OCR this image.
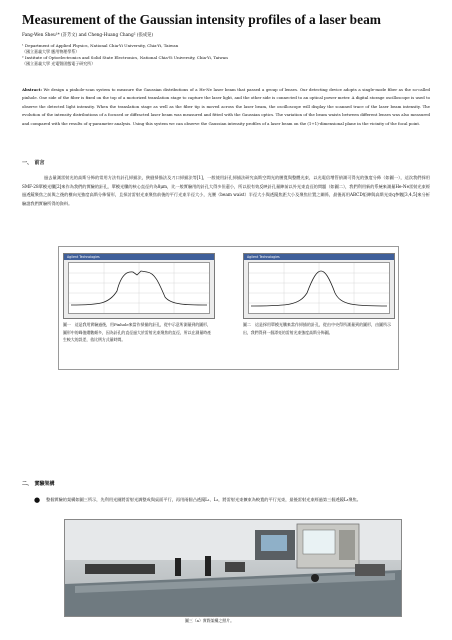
Measurement of the Gaussian intensity profiles of a laser beam
Fang-Wen Sheu¹* (許芳文) and Cheng-Huang Chang² (張成晃)
¹ Department of Applied Physics, National Chia-Yi University, Chia-Yi, Taiwan
（國立嘉義大學 應用物理學系）
² Institute of Optoelectronics and Solid State Electronics, National Chia-Yi University, Chia-Yi, Taiwan
（國立嘉義大學 光電暨固態電子研究所）
Abstract: We design a pinhole-scan system to measure the Gaussian distributions of a He-Ne laser beam that passed a group of lenses. Our detecting device adopts a single-mode fiber as the so-called pinhole. One side of the fiber is fixed on the top of a motorized translation stage to capture the laser light, and the other side is connected to an optical power meter. A digital storage oscilloscope is used to observe the detected light intensity. When the translation stage as well as the fiber tip is moved across the laser beam, the oscilloscope will display the scanned trace of the laser beam intensity. The evolution of the intensity distributions of a focused or diffracted laser beam was measured and fitted with the Gaussian optics. The variation of the beam waists between different lenses was also measured and compared with the results of q-parameter analysis. Using this system we can observe the Gaussian intensity profiles of a laser beam on the (1+1)-dimensional plane in the vicinity of the focal point.
一、　前言
過去量測雷射光的高斯分佈的常用方法有針孔掃描法，狹縫掃描法及刀口掃描法等[1]，一般使用針孔掃描法研究高斯空間光的腰寬與整體光束，以光電倍增管偵測可得光的強度分佈（如圖一），這次我們採用SMF-28單模光纖[2]來作為我們的實驗的針孔，單模光纖的核心直徑約為8μm，比一般實驗用的針孔大得多但還小，所以很有效反映針孔量陣前以外光束直徑的問題（如圖二），我們利用新的系統來測量He-Ne雷射光束經過透鏡聚焦之前與之後的橫向光強度高斯分佈情形，且探討雷射光束聚焦前後的平行光束半徑大小，光腰（beam waist）半徑大小與透鏡焦距大小及聚焦位置之關係，最後再用ABCD矩陣與高斯光束q參數[3,4,5]來分析驗證我們實驗所得的資料。
Agilent Technologies	Agilent Technologies
圖一　這是我用實驗過後，用Pinhole來當作掃描的針孔，從中示意所測量到的圖形，圖形中的峰值總數頗多，因為針孔的直徑過大於雷射光束聚焦的直徑，所以在測量時產生較大的誤差，依比例方式量時間。
圖二　這是採用單模光纖來當作掃描的針孔，從由中央得所測量到的圖形，由圖所示出，我們得到一個漂亮的雷射光束強度高斯分佈圖。
二、　實驗架構
● 整個實驗的架構如圖三所示，先利用光圈將雷射光調整成與桌面平行，再用兩個凸透鏡L₁、L₂，將雷射光束擴束為較寬的平行光束，最後雷射光束經過第三個透鏡L₃聚焦。
圖三（a）實際架構之照片。
